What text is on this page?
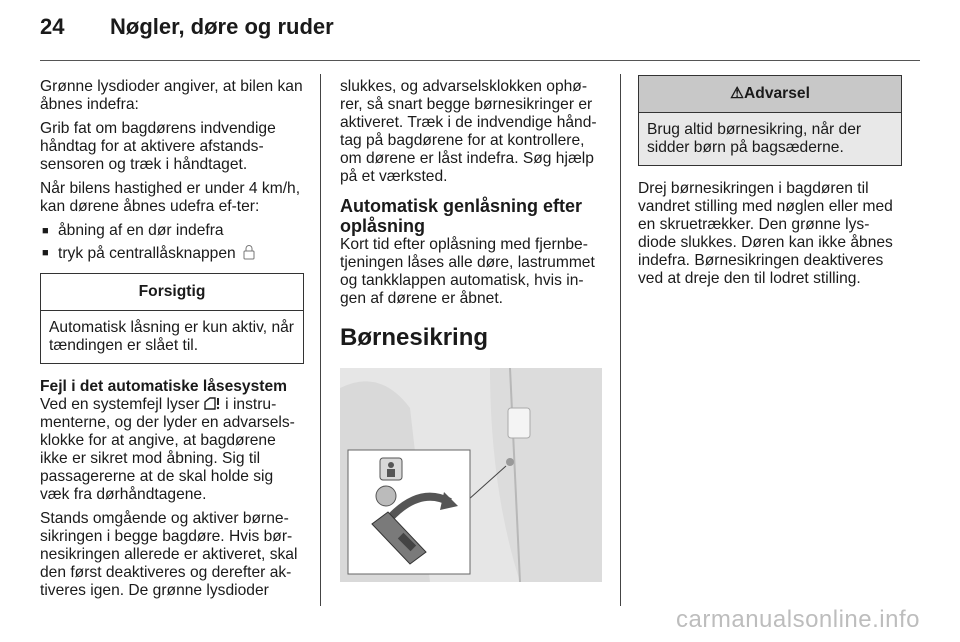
24	Nøgler, døre og ruder

Grønne lysdioder angiver, at bilen kan åbnes indefra:

Grib fat om bagdørens indvendige håndtag for at aktivere afstands-sensoren og træk i håndtaget.

Når bilens hastighed er under 4 km/h, kan dørene åbnes udefra ef-ter:

■ åbning af en dør indefra
■ tryk på centrallåsknappen
Forsigtig
Automatisk låsning er kun aktiv, når tændingen er slået til.
Fejl i det automatiske låsesystem

Ved en systemfejl lyser i instru-menterne, og der lyder en advarsels-klokke for at angive, at bagdørene ikke er sikret mod åbning. Sig til passagererne at de skal holde sig væk fra dørhåndtagene.

Stands omgående og aktiver børne-sikringen i begge bagdøre. Hvis bør-nesikringen allerede er aktiveret, skal den først deaktiveres og derefter ak-tiveres igen. De grønne lysdioder

slukkes, og advarselsklokken ophø-rer, så snart begge børnesikringer er aktiveret. Træk i de indvendige hånd-tag på bagdørene for at kontrollere, om dørene er låst indefra. Søg hjælp på et værksted.

Automatisk genlåsning efter oplåsning

Kort tid efter oplåsning med fjernbe-tjeningen låses alle døre, lastrummet og tankklappen automatisk, hvis in-gen af dørene er åbnet.

Børnesikring
⚠Advarsel
Brug altid børnesikring, når der sidder børn på bagsæderne.

Drej børnesikringen i bagdøren til vandret stilling med nøglen eller med en skruetrækker. Den grønne lys-diode slukkes. Døren kan ikke åbnes indefra. Børnesikringen deaktiveres ved at dreje den til lodret stilling.

carmanualsonline.info
